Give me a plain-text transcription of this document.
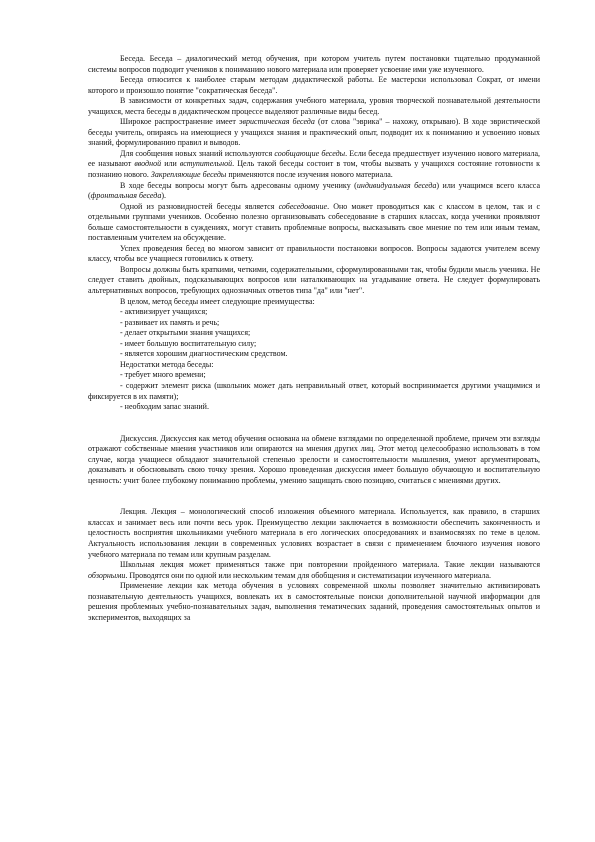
Беседа. Беседа – диалогический метод обучения, при котором учитель путем постановки тщательно продуманной системы вопросов подводит учеников к пониманию нового материала или проверяет усвоение ими уже изученного.

Беседа относится к наиболее старым методам дидактической работы. Ее мастерски использовал Сократ, от имени которого и произошло понятие "сократическая беседа".

В зависимости от конкретных задач, содержания учебного материала, уровня творческой познавательной деятельности учащихся, места беседы в дидактическом процессе выделяют различные виды бесед.

Широкое распространение имеет эвристическая беседа (от слова "эврика" – нахожу, открываю). В ходе эвристической беседы учитель, опираясь на имеющиеся у учащихся знания и практический опыт, подводит их к пониманию и усвоению новых знаний, формулированию правил и выводов.

Для сообщения новых знаний используются сообщающие беседы. Если беседа предшествует изучению нового материала, ее называют вводной или вступительной. Цель такой беседы состоит в том, чтобы вызвать у учащихся состояние готовности к познанию нового. Закрепляющие беседы применяются после изучения нового материала.

В ходе беседы вопросы могут быть адресованы одному ученику (индивидуальная беседа) или учащимся всего класса (фронтальная беседа).

Одной из разновидностей беседы является собеседование. Оно может проводиться как с классом в целом, так и с отдельными группами учеников. Особенно полезно организовывать собеседование в старших классах, когда ученики проявляют больше самостоятельности в суждениях, могут ставить проблемные вопросы, высказывать свое мнение по тем или иным темам, поставленным учителем на обсуждение.

Успех проведения бесед во многом зависит от правильности постановки вопросов. Вопросы задаются учителем всему классу, чтобы все учащиеся готовились к ответу.

Вопросы должны быть краткими, четкими, содержательными, сформулированными так, чтобы будили мысль ученика. Не следует ставить двойных, подсказывающих вопросов или наталкивающих на угадывание ответа. Не следует формулировать альтернативных вопросов, требующих однозначных ответов типа "да" или "нет".

В целом, метод беседы имеет следующие преимущества:

- активизирует учащихся;

- развивает их память и речь;

- делает открытыми знания учащихся;

- имеет большую воспитательную силу;

- является хорошим диагностическим средством.

Недостатки метода беседы:

- требует много времени;

- содержит элемент риска (школьник может дать неправильный ответ, который воспринимается другими учащимися и фиксируется в их памяти);

- необходим запас знаний.

Дискуссия. Дискуссия как метод обучения основана на обмене взглядами по определенной проблеме, причем эти взгляды отражают собственные мнения участников или опираются на мнения других лиц. Этот метод целесообразно использовать в том случае, когда учащиеся обладают значительной степенью зрелости и самостоятельности мышления, умеют аргументировать, доказывать и обосновывать свою точку зрения. Хорошо проведенная дискуссия имеет большую обучающую и воспитательную ценность: учит более глубокому пониманию проблемы, умению защищать свою позицию, считаться с мнениями других.

Лекция. Лекция – монологический способ изложения объемного материала. Используется, как правило, в старших классах и занимает весь или почти весь урок. Преимущество лекции заключается в возможности обеспечить законченность и целостность восприятия школьниками учебного материала в его логических опосредованиях и взаимосвязях по теме в целом. Актуальность использования лекции в современных условиях возрастает в связи с применением блочного изучения нового учебного материала по темам или крупным разделам.

Школьная лекция может применяться также при повторении пройденного материала. Такие лекции называются обзорными. Проводятся они по одной или нескольким темам для обобщения и систематизации изученного материала.

Применение лекции как метода обучения в условиях современной школы позволяет значительно активизировать познавательную деятельность учащихся, вовлекать их в самостоятельные поиски дополнительной научной информации для решения проблемных учебно-познавательных задач, выполнения тематических заданий, проведения самостоятельных опытов и экспериментов, выходящих за
